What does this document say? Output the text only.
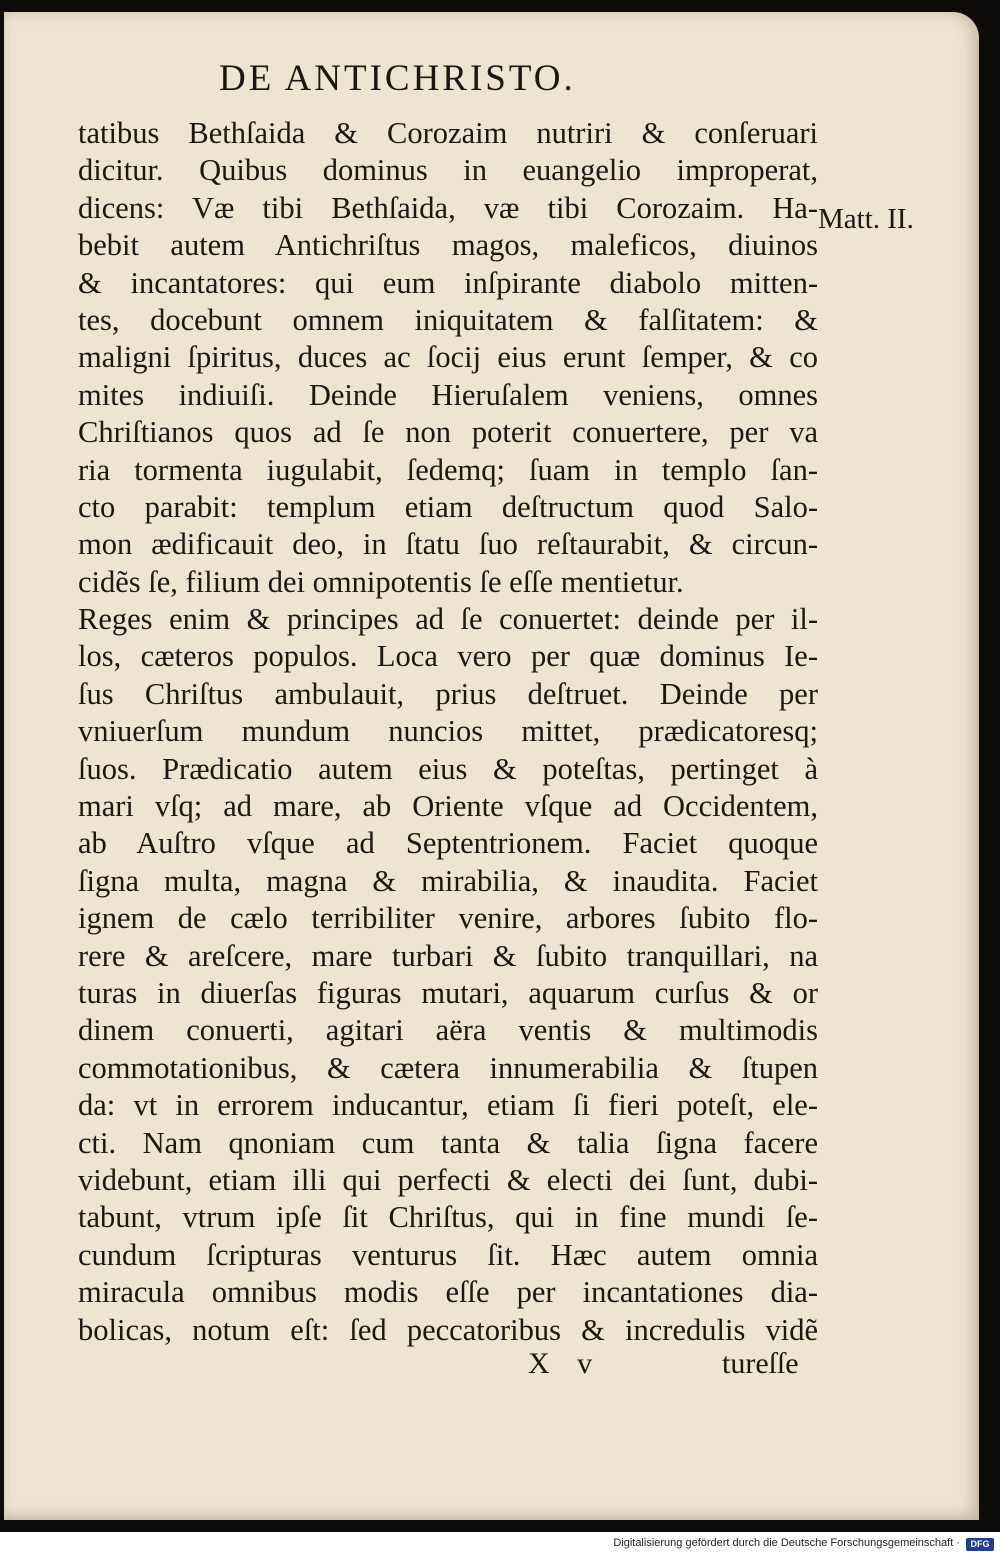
DE ANTICHRISTO.
Matt. II.
tatibus Bethſaida & Corozaim nutriri & conſeruari
dicitur. Quibus dominus in euangelio improperat,
dicens: Væ tibi Bethſaida, væ tibi Corozaim. Ha-
bebit autem Antichriſtus magos, maleficos, diuinos
& incantatores: qui eum inſpirante diabolo mitten-
tes, docebunt omnem iniquitatem & falſitatem: &
maligni ſpiritus, duces ac ſocij eius erunt ſemper, & co
mites indiuiſi. Deinde Hieruſalem veniens, omnes
Chriſtianos quos ad ſe non poterit conuertere, per va
ria tormenta iugulabit, ſedemq; ſuam in templo ſan-
cto parabit: templum etiam deſtructum quod Salo-
mon ædificauit deo, in ſtatu ſuo reſtaurabit, & circun-
cidẽs ſe, filium dei omnipotentis ſe eſſe mentietur.
Reges enim & principes ad ſe conuertet: deinde per il-
los, cæteros populos. Loca vero per quæ dominus Ie-
ſus Chriſtus ambulauit, prius deſtruet. Deinde per
vniuerſum mundum nuncios mittet, prædicatoresq;
ſuos. Prædicatio autem eius & poteſtas, pertinget à
mari vſq; ad mare, ab Oriente vſque ad Occidentem,
ab Auſtro vſque ad Septentrionem. Faciet quoque
ſigna multa, magna & mirabilia, & inaudita. Faciet
ignem de cælo terribiliter venire, arbores ſubito flo-
rere & areſcere, mare turbari & ſubito tranquillari, na
turas in diuerſas figuras mutari, aquarum curſus & or
dinem conuerti, agitari aëra ventis & multimodis
commotationibus, & cætera innumerabilia & ſtupen
da: vt in errorem inducantur, etiam ſi fieri poteſt, ele-
cti. Nam qnoniam cum tanta & talia ſigna facere
videbunt, etiam illi qui perfecti & electi dei ſunt, dubi-
tabunt, vtrum ipſe ſit Chriſtus, qui in fine mundi ſe-
cundum ſcripturas venturus ſit. Hæc autem omnia
miracula omnibus modis eſſe per incantationes dia-
bolicas, notum eſt: ſed peccatoribus & incredulis vidẽ
X v	tureſſe
Digitalisierung gefördert durch die Deutsche Forschungsgemeinschaft ·	DFG
